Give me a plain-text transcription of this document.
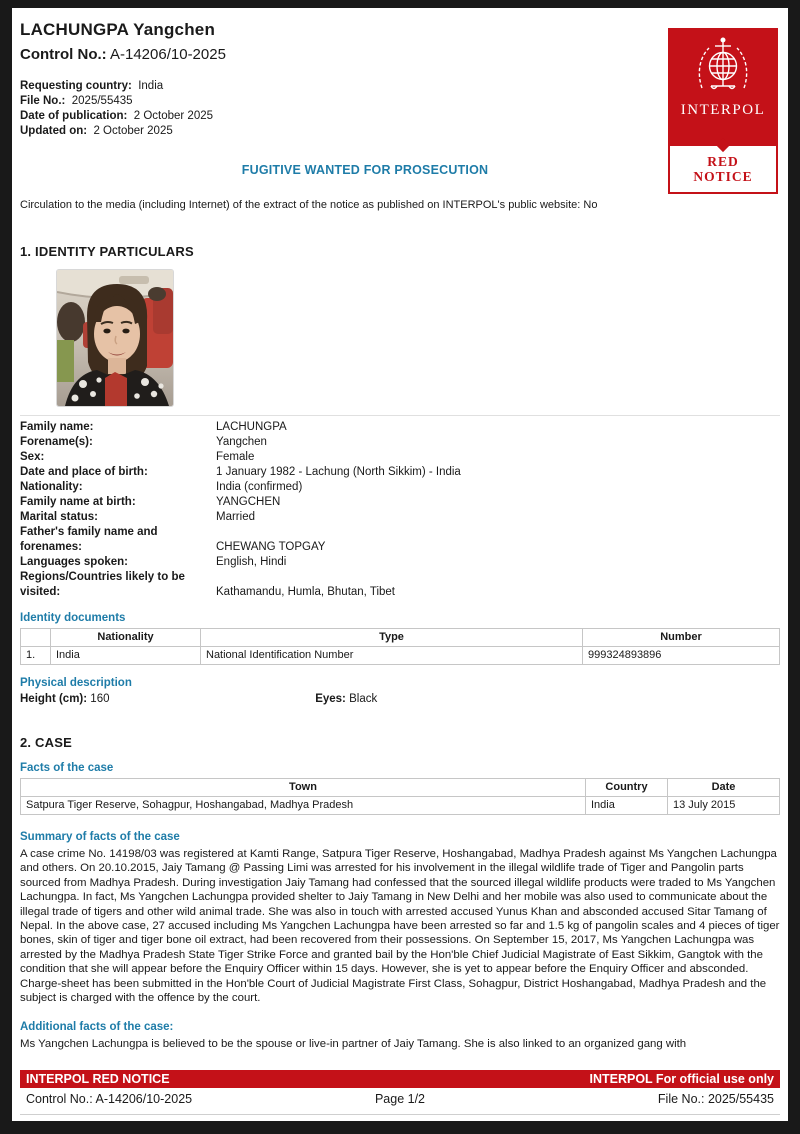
LACHUNGPA Yangchen
Control No.: A-14206/10-2025
Requesting country:  India
File No.:  2025/55435
Date of publication:  2 October 2025
Updated on:  2 October 2025
FUGITIVE WANTED FOR PROSECUTION
Circulation to the media (including Internet) of the extract of the notice as published on INTERPOL's public website: No
INTERPOL
RED
NOTICE
1. IDENTITY PARTICULARS
Family name:	LACHUNGPA
Forename(s):	Yangchen
Sex:	Female
Date and place of birth:	1 January 1982 - Lachung (North Sikkim) - India
Nationality:	India (confirmed)
Family name at birth:	YANGCHEN
Marital status:	Married
Father's family name and forenames:	CHEWANG TOPGAY
Languages spoken:	English, Hindi
Regions/Countries likely to be visited:	Kathamandu, Humla, Bhutan, Tibet
Identity documents
	Nationality	Type	Number
1.	India	National Identification Number	999324893896
Physical description
Height (cm): 160	Eyes: Black
2. CASE
Facts of the case
Town	Country	Date
Satpura Tiger Reserve, Sohagpur, Hoshangabad, Madhya Pradesh	India	13 July 2015
Summary of facts of the case
A case crime No. 14198/03 was registered at Kamti Range, Satpura Tiger Reserve, Hoshangabad, Madhya Pradesh against Ms Yangchen Lachungpa and others. On 20.10.2015, Jaiy Tamang @ Passing Limi was arrested for his involvement in the illegal wildlife trade of Tiger and Pangolin parts sourced from Madhya Pradesh. During investigation Jaiy Tamang had confessed that the sourced illegal wildlife products were traded to Ms Yangchen Lachungpa. In fact, Ms Yangchen Lachungpa provided shelter to Jaiy Tamang in New Delhi and her mobile was also used to communicate about the illegal trade of tigers and other wild animal trade. She was also in touch with arrested accused Yunus Khan and absconded accused Sitar Tamang of Nepal. In the above case, 27 accused including Ms Yangchen Lachungpa have been arrested so far and 1.5 kg of pangolin scales and 4 pieces of tiger bones, skin of tiger and tiger bone oil extract, had been recovered from their possessions. On September 15, 2017, Ms Yangchen Lachungpa was arrested by the Madhya Pradesh State Tiger Strike Force and granted bail by the Hon'ble Chief Judicial Magistrate of East Sikkim, Gangtok with the condition that she will appear before the Enquiry Officer within 15 days. However, she is yet to appear before the Enquiry Officer and absconded. Charge-sheet has been submitted in the Hon'ble Court of Judicial Magistrate First Class, Sohagpur, District Hoshangabad, Madhya Pradesh and the subject is charged with the offence by the court.
Additional facts of the case:
Ms Yangchen Lachungpa is believed to be the spouse or live-in partner of Jaiy Tamang. She is also linked to an organized gang with
INTERPOL RED NOTICE	INTERPOL For official use only
Control No.: A-14206/10-2025	Page 1/2	File No.: 2025/55435
